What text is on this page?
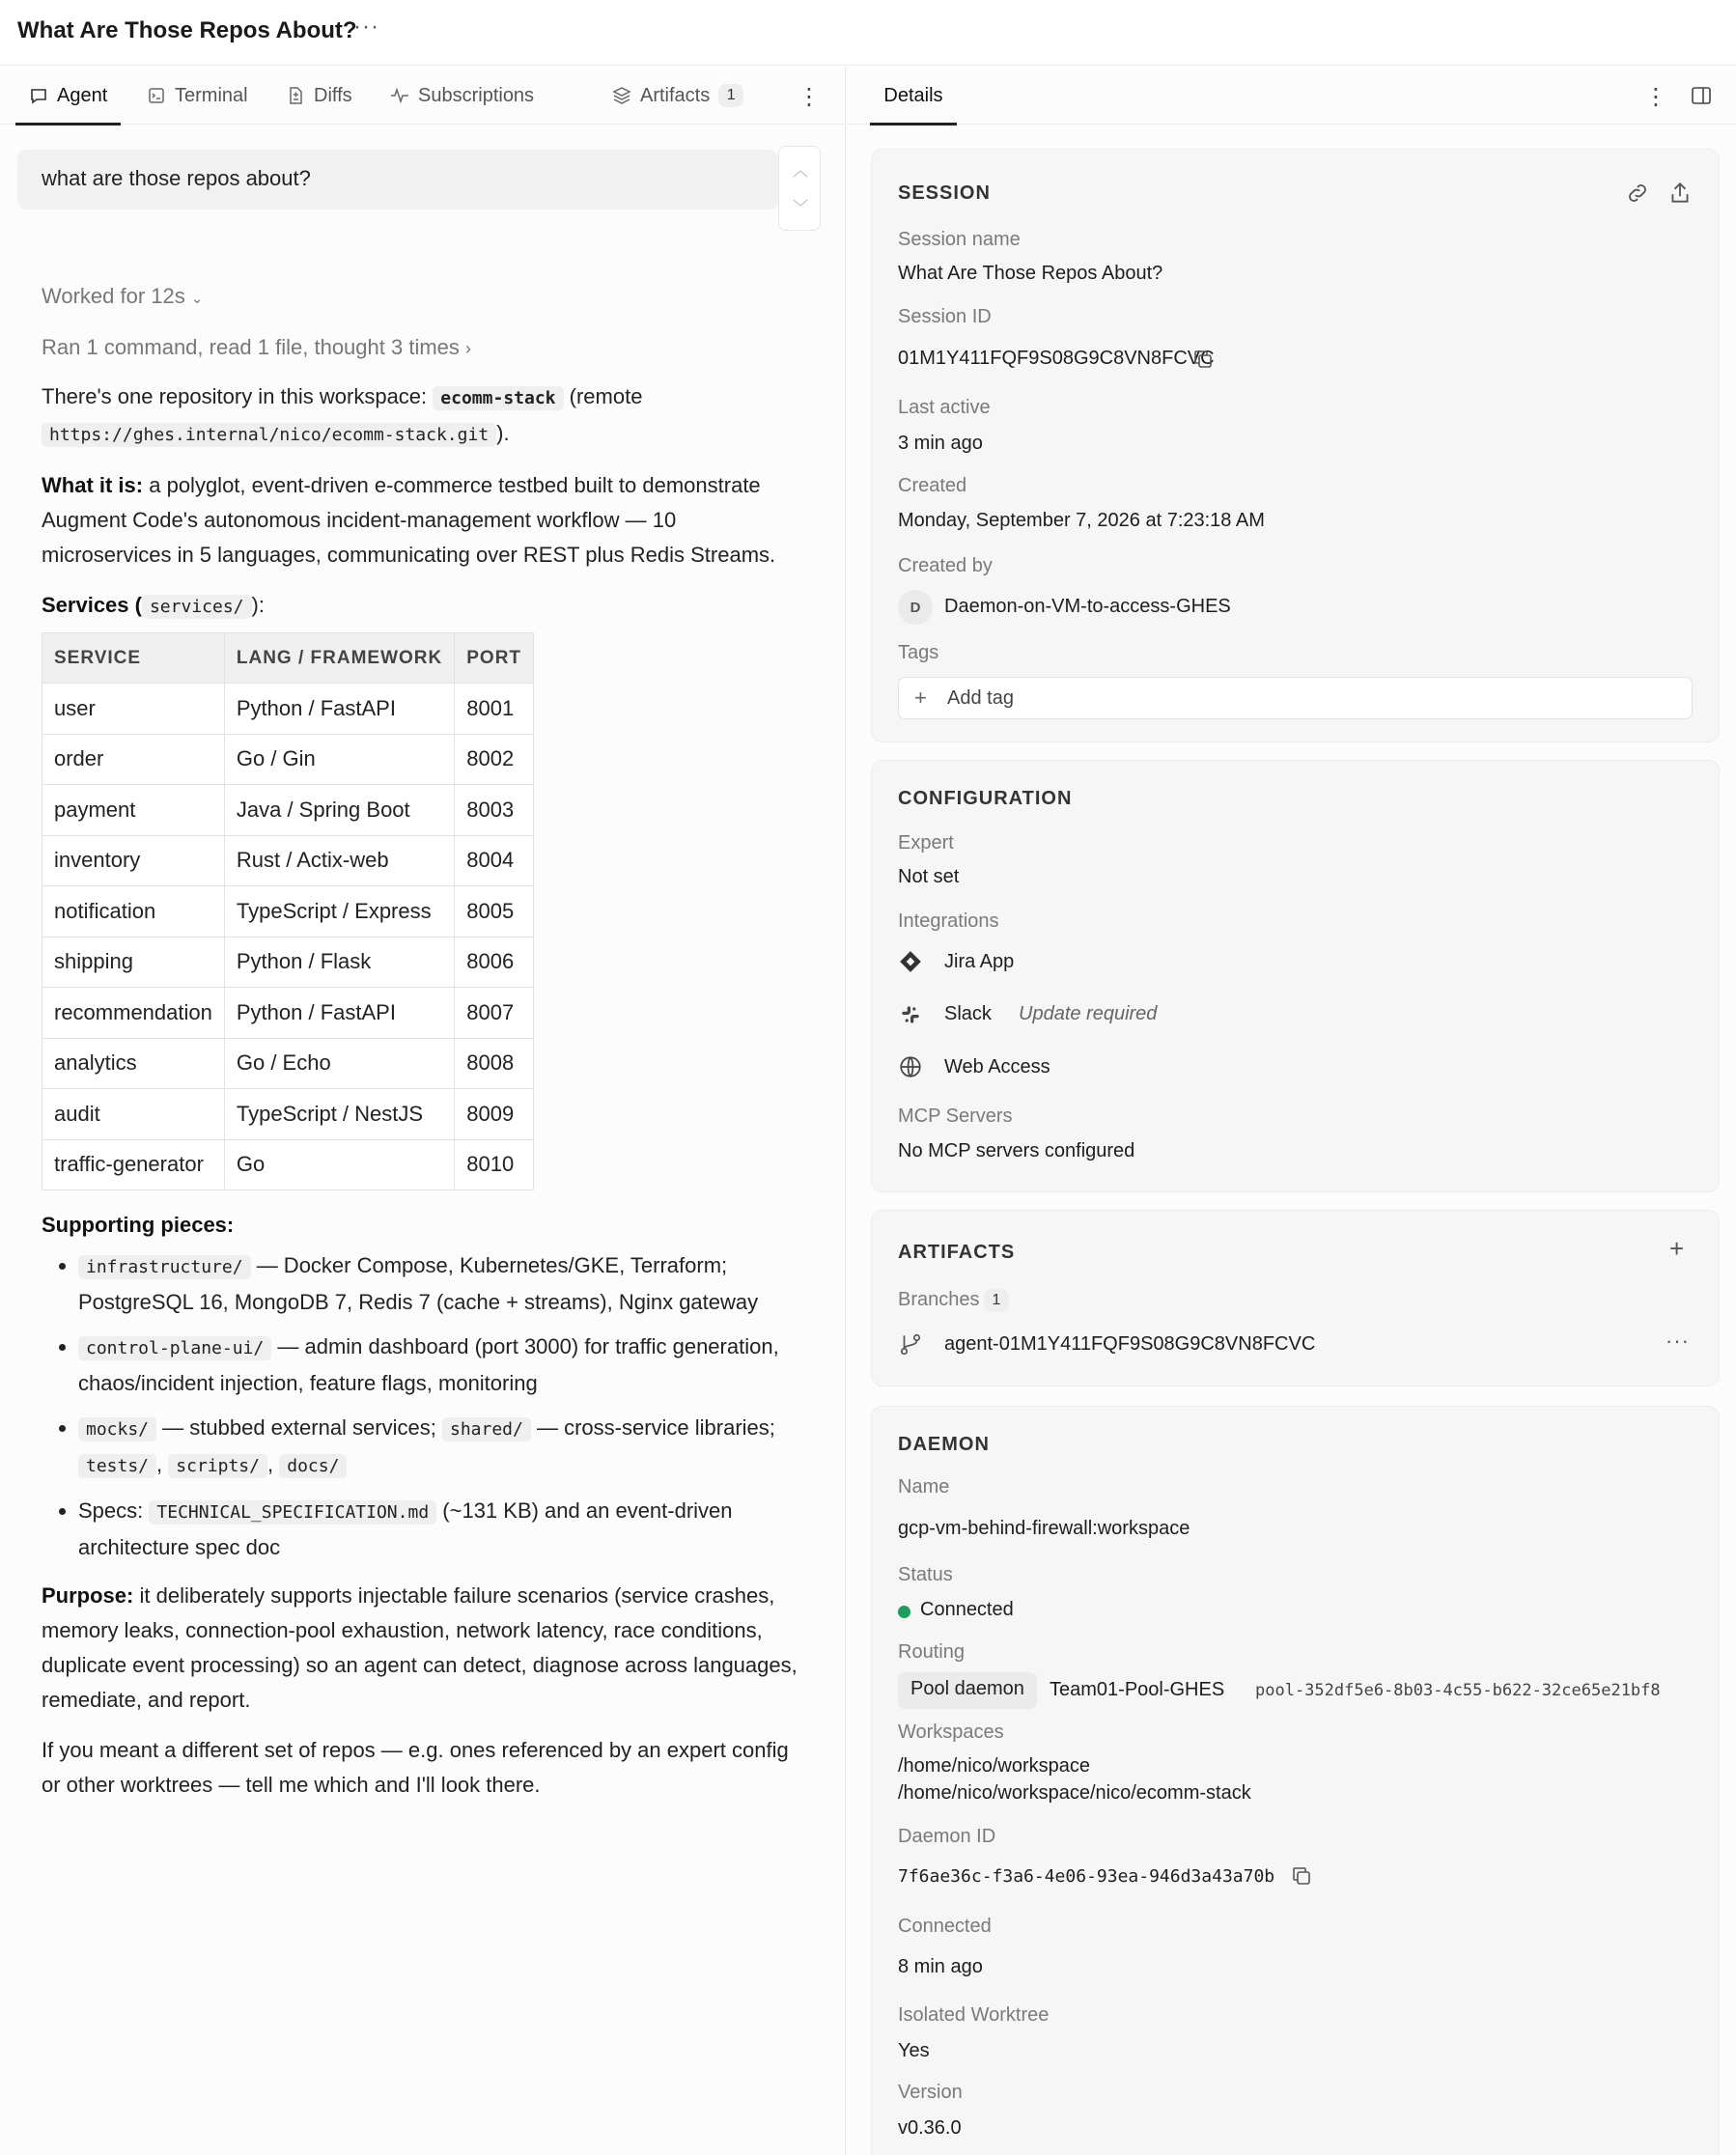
What Are Those Repos About?
···
Agent	Terminal	Diffs	Subscriptions	Artifacts	1	⋮
what are those repos about?	︿
﹀
Worked for 12s ⌄
Ran 1 command, read 1 file, thought 3 times ›

There's one repository in this workspace: ecomm-stack (remote https://ghes.internal/nico/ecomm-stack.git ).

What it is: a polyglot, event-driven e-commerce testbed built to demonstrate Augment Code's autonomous incident-management workflow — 10 microservices in 5 languages, communicating over REST plus Redis Streams.

Services ( services/ ):

SERVICE	LANG / FRAMEWORK	PORT
user	Python / FastAPI	8001
order	Go / Gin	8002
payment	Java / Spring Boot	8003
inventory	Rust / Actix-web	8004
notification	TypeScript / Express	8005
shipping	Python / Flask	8006
recommendation	Python / FastAPI	8007
analytics	Go / Echo	8008
audit	TypeScript / NestJS	8009
traffic-generator	Go	8010

Supporting pieces:

• infrastructure/ — Docker Compose, Kubernetes/GKE, Terraform; PostgreSQL 16, MongoDB 7, Redis 7 (cache + streams), Nginx gateway
• control-plane-ui/ — admin dashboard (port 3000) for traffic generation, chaos/incident injection, feature flags, monitoring
• mocks/ — stubbed external services; shared/ — cross-service libraries; tests/ , scripts/ , docs/
• Specs: TECHNICAL_SPECIFICATION.md (~131 KB) and an event-driven architecture spec doc

Purpose: it deliberately supports injectable failure scenarios (service crashes, memory leaks, connection-pool exhaustion, network latency, race conditions, duplicate event processing) so an agent can detect, diagnose across languages, remediate, and report.

If you meant a different set of repos — e.g. ones referenced by an expert config or other worktrees — tell me which and I'll look there.

Details	⋮
SESSION
Session name
What Are Those Repos About?
Session ID
01M1Y411FQF9S08G9C8VN8FCVC
Last active
3 min ago
Created
Monday, September 7, 2026 at 7:23:18 AM
Created by
D	Daemon-on-VM-to-access-GHES
Tags
+ Add tag
CONFIGURATION
Expert
Not set
Integrations
Jira App
Slack Update required
Web Access
MCP Servers
No MCP servers configured
ARTIFACTS	+
Branches 1
agent-01M1Y411FQF9S08G9C8VN8FCVC	···
DAEMON
Name
gcp-vm-behind-firewall:workspace
Status
Connected
Routing
Pool daemon	Team01-Pool-GHES pool-352df5e6-8b03-4c55-b622-32ce65e21bf8
Workspaces
/home/nico/workspace
/home/nico/workspace/nico/ecomm-stack
Daemon ID
7f6ae36c-f3a6-4e06-93ea-946d3a43a70b
Connected
8 min ago
Isolated Worktree
Yes
Version
v0.36.0
